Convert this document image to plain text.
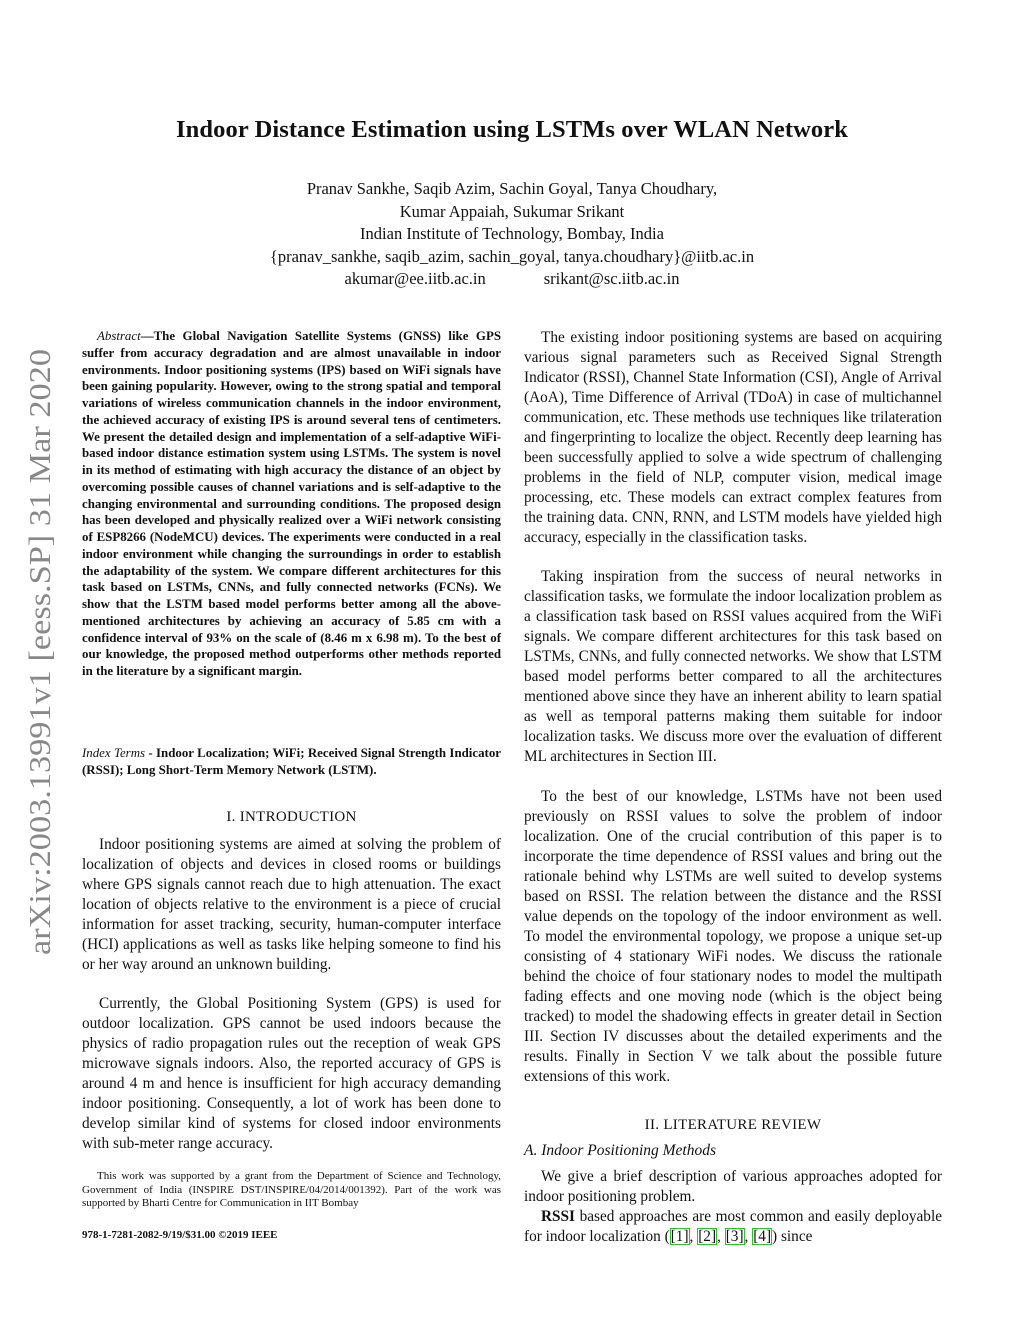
arXiv:2003.13991v1 [eess.SP] 31 Mar 2020
Indoor Distance Estimation using LSTMs over WLAN Network
Pranav Sankhe, Saqib Azim, Sachin Goyal, Tanya Choudhary,
Kumar Appaiah, Sukumar Srikant
Indian Institute of Technology, Bombay, India
{pranav_sankhe, saqib_azim, sachin_goyal, tanya.choudhary}@iitb.ac.in
akumar@ee.iitb.ac.in	srikant@sc.iitb.ac.in
Abstract—The Global Navigation Satellite Systems (GNSS) like GPS suffer from accuracy degradation and are almost unavailable in indoor environments. Indoor positioning systems (IPS) based on WiFi signals have been gaining popularity. However, owing to the strong spatial and temporal variations of wireless communication channels in the indoor environment, the achieved accuracy of existing IPS is around several tens of centimeters. We present the detailed design and implementation of a self-adaptive WiFi-based indoor distance estimation system using LSTMs. The system is novel in its method of estimating with high accuracy the distance of an object by overcoming possible causes of channel variations and is self-adaptive to the changing environmental and surrounding conditions. The proposed design has been developed and physically realized over a WiFi network consisting of ESP8266 (NodeMCU) devices. The experiments were conducted in a real indoor environment while changing the surroundings in order to establish the adaptability of the system. We compare different architectures for this task based on LSTMs, CNNs, and fully connected networks (FCNs). We show that the LSTM based model performs better among all the above-mentioned architectures by achieving an accuracy of 5.85 cm with a confidence interval of 93% on the scale of (8.46 m x 6.98 m). To the best of our knowledge, the proposed method outperforms other methods reported in the literature by a significant margin.
Index Terms - Indoor Localization; WiFi; Received Signal Strength Indicator (RSSI); Long Short-Term Memory Network (LSTM).
I. INTRODUCTION

Indoor positioning systems are aimed at solving the problem of localization of objects and devices in closed rooms or buildings where GPS signals cannot reach due to high attenuation. The exact location of objects relative to the environment is a piece of crucial information for asset tracking, security, human-computer interface (HCI) applications as well as tasks like helping someone to find his or her way around an unknown building.

Currently, the Global Positioning System (GPS) is used for outdoor localization. GPS cannot be used indoors because the physics of radio propagation rules out the reception of weak GPS microwave signals indoors. Also, the reported accuracy of GPS is around 4 m and hence is insufficient for high accuracy demanding indoor positioning. Consequently, a lot of work has been done to develop similar kind of systems for closed indoor environments with sub-meter range accuracy.

This work was supported by a grant from the Department of Science and Technology, Government of India (INSPIRE DST/INSPIRE/04/2014/001392). Part of the work was supported by Bharti Centre for Communication in IIT Bombay
978-1-7281-2082-9/19/$31.00 ©2019 IEEE

The existing indoor positioning systems are based on acquiring various signal parameters such as Received Signal Strength Indicator (RSSI), Channel State Information (CSI), Angle of Arrival (AoA), Time Difference of Arrival (TDoA) in case of multichannel communication, etc. These methods use techniques like trilateration and fingerprinting to localize the object. Recently deep learning has been successfully applied to solve a wide spectrum of challenging problems in the field of NLP, computer vision, medical image processing, etc. These models can extract complex features from the training data. CNN, RNN, and LSTM models have yielded high accuracy, especially in the classification tasks.

Taking inspiration from the success of neural networks in classification tasks, we formulate the indoor localization problem as a classification task based on RSSI values acquired from the WiFi signals. We compare different architectures for this task based on LSTMs, CNNs, and fully connected networks. We show that LSTM based model performs better compared to all the architectures mentioned above since they have an inherent ability to learn spatial as well as temporal patterns making them suitable for indoor localization tasks. We discuss more over the evaluation of different ML architectures in Section III.

To the best of our knowledge, LSTMs have not been used previously on RSSI values to solve the problem of indoor localization. One of the crucial contribution of this paper is to incorporate the time dependence of RSSI values and bring out the rationale behind why LSTMs are well suited to develop systems based on RSSI. The relation between the distance and the RSSI value depends on the topology of the indoor environment as well. To model the environmental topology, we propose a unique set-up consisting of 4 stationary WiFi nodes. We discuss the rationale behind the choice of four stationary nodes to model the multipath fading effects and one moving node (which is the object being tracked) to model the shadowing effects in greater detail in Section III. Section IV discusses about the detailed experiments and the results. Finally in Section V we talk about the possible future extensions of this work.

II. LITERATURE REVIEW
A. Indoor Positioning Methods

We give a brief description of various approaches adopted for indoor positioning problem.

RSSI based approaches are most common and easily deployable for indoor localization ([1], [2], [3], [4]) since
